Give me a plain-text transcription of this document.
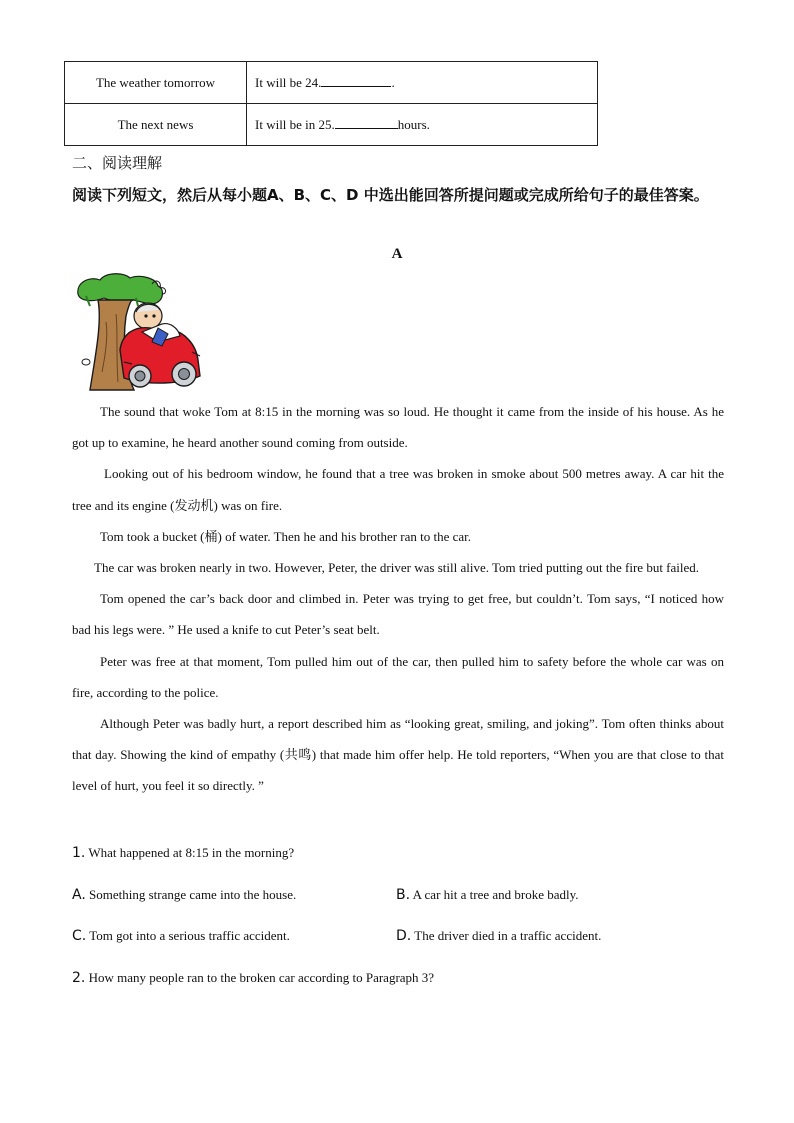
The weather tomorrow	It will be 24. .
The next news	It will be in 25. hours.
二、阅读理解
阅读下列短文，然后从每小题A、B、C、D 中选出能回答所提问题或完成所给句子的最佳答案。
A

The sound that woke Tom at 8:15 in the morning was so loud. He thought it came from the inside of his house. As he got up to examine, he heard another sound coming from outside.

Looking out of his bedroom window, he found that a tree was broken in smoke about 500 metres away. A car hit the tree and its engine (发动机) was on fire.

Tom took a bucket (桶) of water. Then he and his brother ran to the car.

The car was broken nearly in two. However, Peter, the driver was still alive. Tom tried putting out the fire but failed.

Tom opened the car’s back door and climbed in. Peter was trying to get free, but couldn’t. Tom says, “I noticed how bad his legs were. ” He used a knife to cut Peter’s seat belt.

Peter was free at that moment, Tom pulled him out of the car, then pulled him to safety before the whole car was on fire, according to the police.

Although Peter was badly hurt, a report described him as “looking great, smiling, and joking”. Tom often thinks about that day. Showing the kind of empathy (共鸣) that made him offer help. He told reporters, “When you are that close to that level of hurt, you feel it so directly. ”

1. What happened at 8:15 in the morning?
A. Something strange came into the house.	B. A car hit a tree and broke badly.
C. Tom got into a serious traffic accident.	D. The driver died in a traffic accident.
2. How many people ran to the broken car according to Paragraph 3?
